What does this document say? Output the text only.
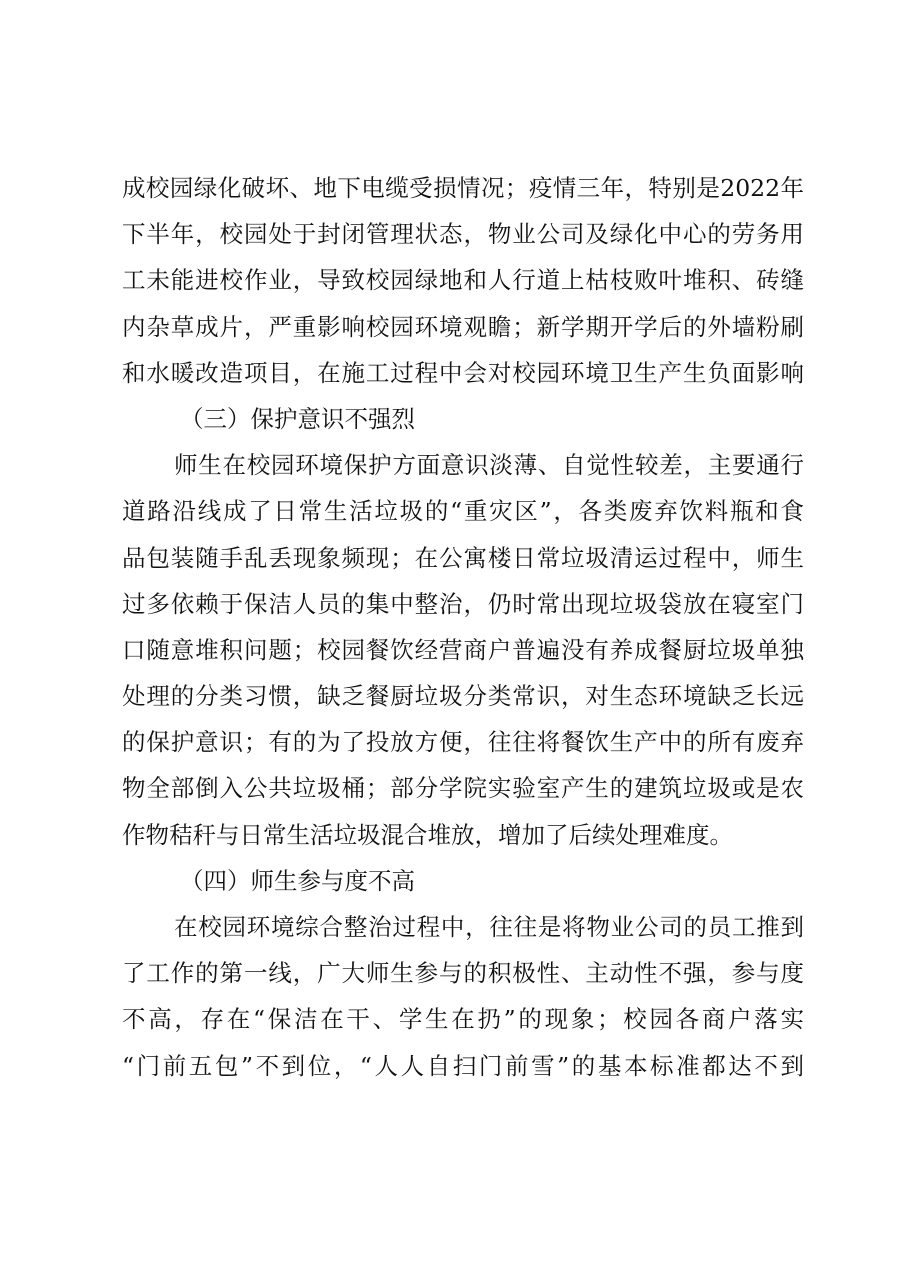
成校园绿化破坏、地下电缆受损情况；疫情三年，特别是2022年
下半年，校园处于封闭管理状态，物业公司及绿化中心的劳务用
工未能进校作业，导致校园绿地和人行道上枯枝败叶堆积、砖缝
内杂草成片，严重影响校园环境观瞻；新学期开学后的外墙粉刷
和水暖改造项目，在施工过程中会对校园环境卫生产生负面影响
（三）保护意识不强烈
师生在校园环境保护方面意识淡薄、自觉性较差，主要通行
道路沿线成了日常生活垃圾的“重灾区”，各类废弃饮料瓶和食
品包装随手乱丢现象频现；在公寓楼日常垃圾清运过程中，师生
过多依赖于保洁人员的集中整治，仍时常出现垃圾袋放在寝室门
口随意堆积问题；校园餐饮经营商户普遍没有养成餐厨垃圾单独
处理的分类习惯，缺乏餐厨垃圾分类常识，对生态环境缺乏长远
的保护意识；有的为了投放方便，往往将餐饮生产中的所有废弃
物全部倒入公共垃圾桶；部分学院实验室产生的建筑垃圾或是农
作物秸秆与日常生活垃圾混合堆放，增加了后续处理难度。
（四）师生参与度不高
在校园环境综合整治过程中，往往是将物业公司的员工推到
了工作的第一线，广大师生参与的积极性、主动性不强，参与度
不高，存在“保洁在干、学生在扔”的现象；校园各商户落实
“门前五包”不到位，“人人自扫门前雪”的基本标准都达不到
